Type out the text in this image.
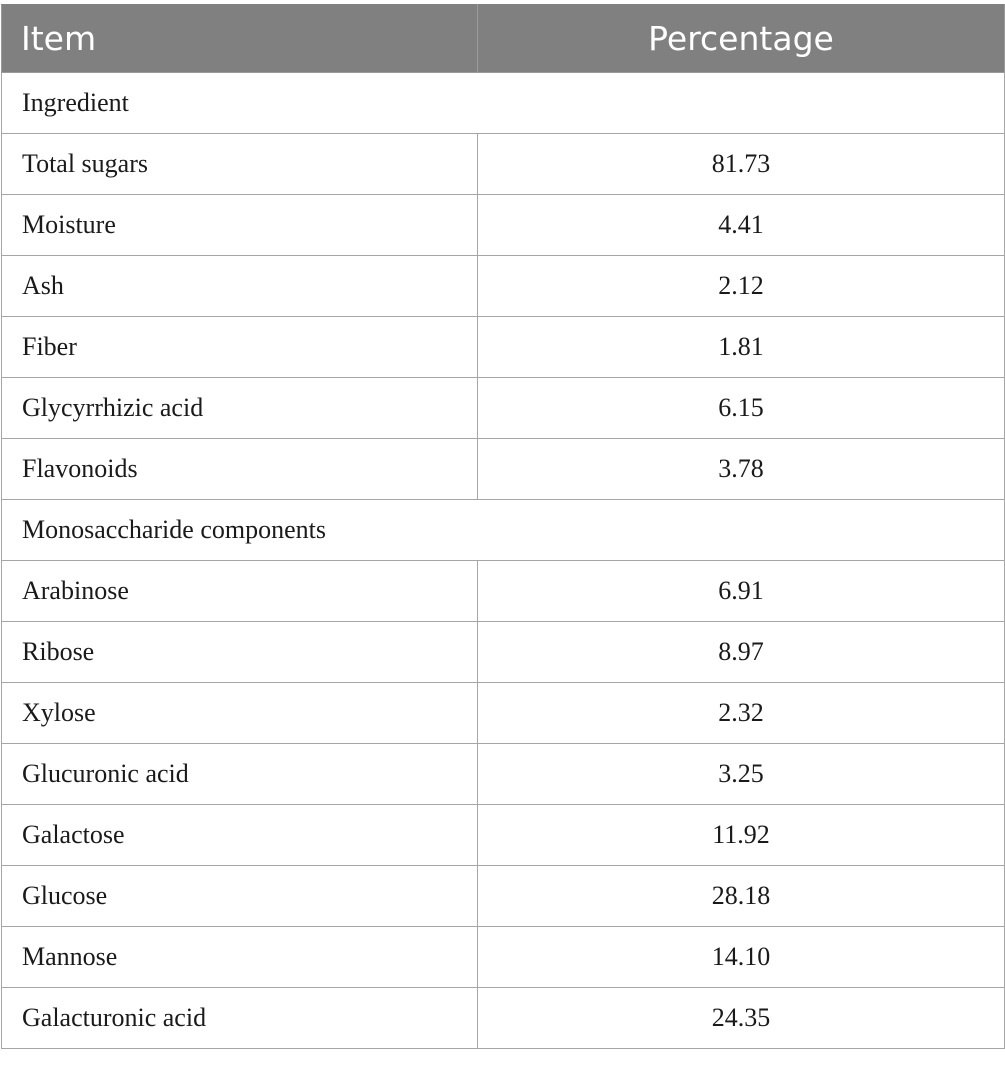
Item	Percentage
Ingredient	
Total sugars	81.73
Moisture	4.41
Ash	2.12
Fiber	1.81
Glycyrrhizic acid	6.15
Flavonoids	3.78
Monosaccharide components	
Arabinose	6.91
Ribose	8.97
Xylose	2.32
Glucuronic acid	3.25
Galactose	11.92
Glucose	28.18
Mannose	14.10
Galacturonic acid	24.35
